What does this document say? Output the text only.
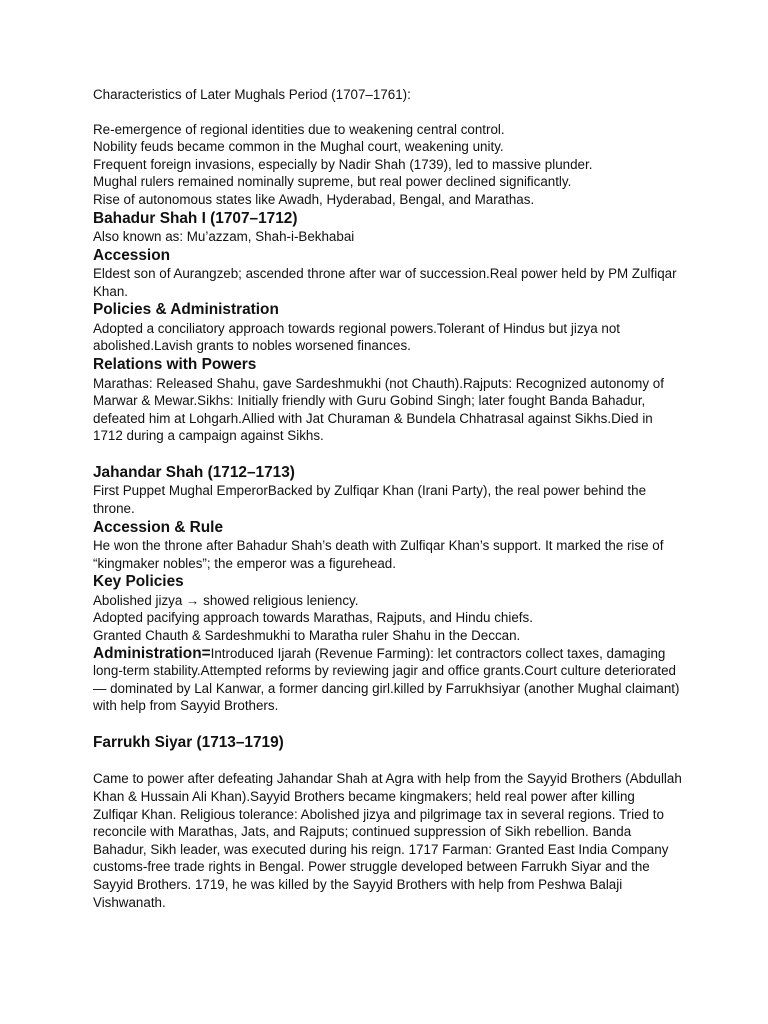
Characteristics of Later Mughals Period (1707–1761):

Re-emergence of regional identities due to weakening central control.

Nobility feuds became common in the Mughal court, weakening unity.

Frequent foreign invasions, especially by Nadir Shah (1739), led to massive plunder.

Mughal rulers remained nominally supreme, but real power declined significantly.

Rise of autonomous states like Awadh, Hyderabad, Bengal, and Marathas.

Bahadur Shah I (1707–1712)

Also known as: Mu’azzam, Shah-i-Bekhabai

Accession

Eldest son of Aurangzeb; ascended throne after war of succession.Real power held by PM Zulfiqar Khan.

Policies & Administration

Adopted a conciliatory approach towards regional powers.Tolerant of Hindus but jizya not abolished.Lavish grants to nobles worsened finances.

Relations with Powers

Marathas: Released Shahu, gave Sardeshmukhi (not Chauth).Rajputs: Recognized autonomy of Marwar & Mewar.Sikhs: Initially friendly with Guru Gobind Singh; later fought Banda Bahadur, defeated him at Lohgarh.Allied with Jat Churaman & Bundela Chhatrasal against Sikhs.Died in 1712 during a campaign against Sikhs.

Jahandar Shah (1712–1713)

First Puppet Mughal EmperorBacked by Zulfiqar Khan (Irani Party), the real power behind the throne.

Accession & Rule

He won the throne after Bahadur Shah’s death with Zulfiqar Khan’s support. It marked the rise of “kingmaker nobles”; the emperor was a figurehead.

Key Policies

Abolished jizya → showed religious leniency.

Adopted pacifying approach towards Marathas, Rajputs, and Hindu chiefs.

Granted Chauth & Sardeshmukhi to Maratha ruler Shahu in the Deccan.

Administration=Introduced Ijarah (Revenue Farming): let contractors collect taxes, damaging long-term stability.Attempted reforms by reviewing jagir and office grants.Court culture deteriorated — dominated by Lal Kanwar, a former dancing girl.killed by Farrukhsiyar (another Mughal claimant) with help from Sayyid Brothers.

Farrukh Siyar (1713–1719)

Came to power after defeating Jahandar Shah at Agra with help from the Sayyid Brothers (Abdullah Khan & Hussain Ali Khan).Sayyid Brothers became kingmakers; held real power after killing Zulfiqar Khan. Religious tolerance: Abolished jizya and pilgrimage tax in several regions. Tried to reconcile with Marathas, Jats, and Rajputs; continued suppression of Sikh rebellion. Banda Bahadur, Sikh leader, was executed during his reign. 1717 Farman: Granted East India Company customs-free trade rights in Bengal. Power struggle developed between Farrukh Siyar and the Sayyid Brothers. 1719, he was killed by the Sayyid Brothers with help from Peshwa Balaji Vishwanath.
